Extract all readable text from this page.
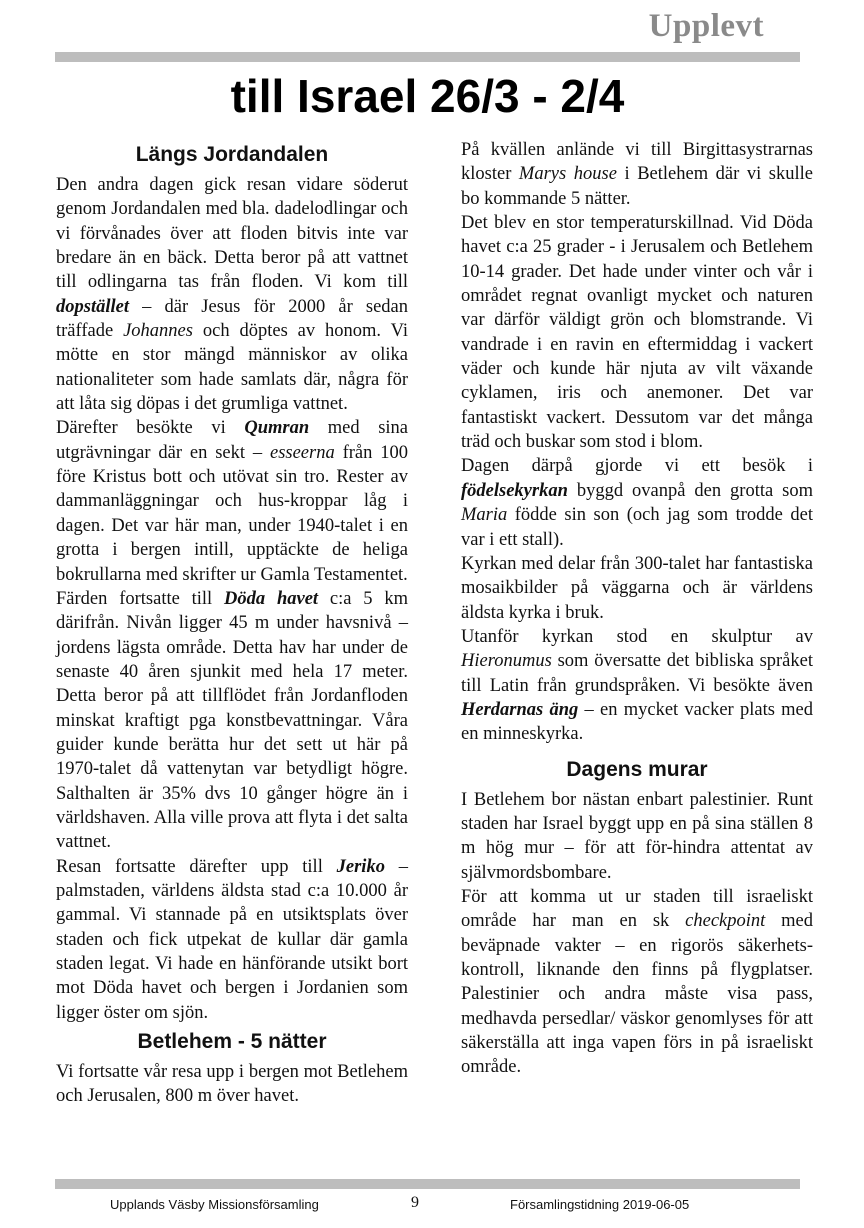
Upplevt
till Israel 26/3 - 2/4
Längs Jordandalen

Den andra dagen gick resan vidare söderut genom Jordandalen med bla. dadelodlingar och vi förvånades över att floden bitvis inte var bredare än en bäck. Detta beror på att vattnet till odlingarna tas från floden. Vi kom till dopstället – där Jesus för 2000 år sedan träffade Johannes och döptes av honom. Vi mötte en stor mängd människor av olika nationaliteter som hade samlats där, några för att låta sig döpas i det grumliga vattnet.

Därefter besökte vi Qumran med sina utgrävningar där en sekt – esseerna från 100 före Kristus bott och utövat sin tro. Rester av dammanläggningar och hus-kroppar låg i dagen. Det var här man, under 1940-talet i en grotta i bergen intill, upptäckte de heliga bokrullarna med skrifter ur Gamla Testamentet.

Färden fortsatte till Döda havet c:a 5 km därifrån. Nivån ligger 45 m under havsnivå – jordens lägsta område. Detta hav har under de senaste 40 åren sjunkit med hela 17 meter. Detta beror på att tillflödet från Jordanfloden minskat kraftigt pga konstbevattningar. Våra guider kunde berätta hur det sett ut här på 1970-talet då vattenytan var betydligt högre. Salthalten är 35% dvs 10 gånger högre än i världshaven. Alla ville prova att flyta i det salta vattnet.

Resan fortsatte därefter upp till Jeriko – palmstaden, världens äldsta stad c:a 10.000 år gammal. Vi stannade på en utsiktsplats över staden och fick utpekat de kullar där gamla staden legat. Vi hade en hänförande utsikt bort mot Döda havet och bergen i Jordanien som ligger öster om sjön.

Betlehem - 5 nätter

Vi fortsatte vår resa upp i bergen mot Betlehem och Jerusalen, 800 m över havet.

På kvällen anlände vi till Birgittasystrarnas kloster Marys house i Betlehem där vi skulle bo kommande 5 nätter.

Det blev en stor temperaturskillnad. Vid Döda havet c:a 25 grader - i Jerusalem och Betlehem 10-14 grader. Det hade under vinter och vår i området regnat ovanligt mycket och naturen var därför väldigt grön och blomstrande. Vi vandrade i en ravin en eftermiddag i vackert väder och kunde här njuta av vilt växande cyklamen, iris och anemoner. Det var fantastiskt vackert. Dessutom var det många träd och buskar som stod i blom.

Dagen därpå gjorde vi ett besök i födelsekyrkan byggd ovanpå den grotta som Maria födde sin son (och jag som trodde det var i ett stall).

Kyrkan med delar från 300-talet har fantastiska mosaikbilder på väggarna och är världens äldsta kyrka i bruk.

Utanför kyrkan stod en skulptur av Hieronumus som översatte det bibliska språket till Latin från grundspråken. Vi besökte även Herdarnas äng – en mycket vacker plats med en minneskyrka.

Dagens murar

I Betlehem bor nästan enbart palestinier. Runt staden har Israel byggt upp en på sina ställen 8 m hög mur – för att för-hindra attentat av självmordsbombare.

För att komma ut ur staden till israeliskt område har man en sk checkpoint med beväpnade vakter – en rigorös säkerhets-kontroll, liknande den finns på flygplatser. Palestinier och andra måste visa pass, medhavda persedlar/ väskor genomlyses för att säkerställa att inga vapen förs in på israeliskt område.

Upplands Väsby Missionsförsamling	9	Församlingstidning 2019-06-05
